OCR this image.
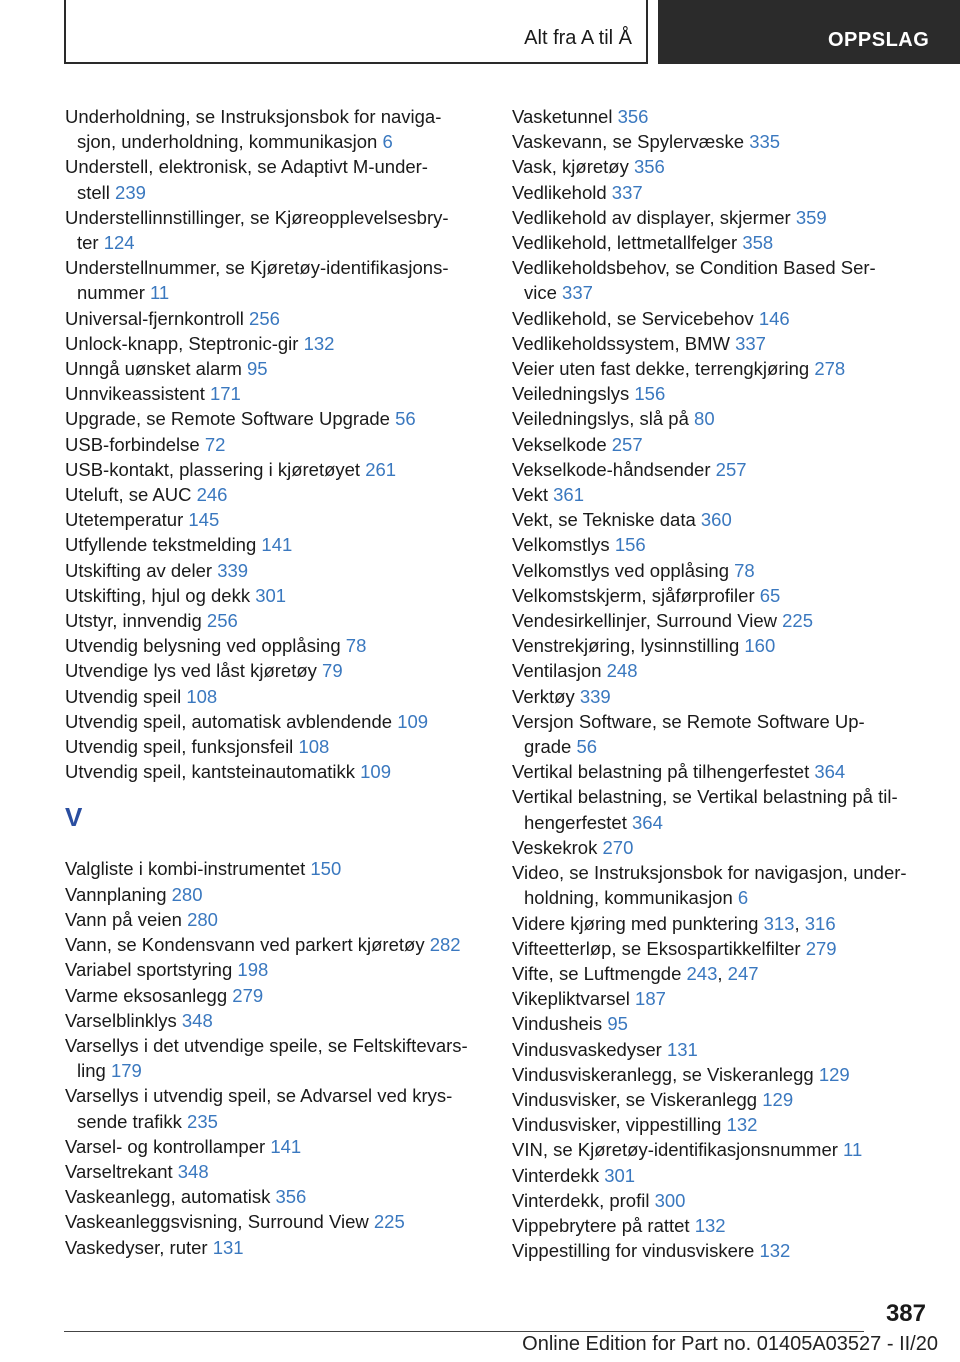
Alt fra A til Å	OPPSLAG
Underholdning, se Instruksjonsbok for naviga-
sjon, underholdning, kommunikasjon 6
Understell, elektronisk, se Adaptivt M-under-
stell 239
Understellinnstillinger, se Kjøreopplevelsesbry-
ter 124
Understellnummer, se Kjøretøy-identifikasjons-
nummer 11
Universal-fjernkontroll 256
Unlock-knapp, Steptronic-gir 132
Unngå uønsket alarm 95
Unnvikeassistent 171
Upgrade, se Remote Software Upgrade 56
USB-forbindelse 72
USB-kontakt, plassering i kjøretøyet 261
Uteluft, se AUC 246
Utetemperatur 145
Utfyllende tekstmelding 141
Utskifting av deler 339
Utskifting, hjul og dekk 301
Utstyr, innvendig 256
Utvendig belysning ved opplåsing 78
Utvendige lys ved låst kjøretøy 79
Utvendig speil 108
Utvendig speil, automatisk avblendende 109
Utvendig speil, funksjonsfeil 108
Utvendig speil, kantsteinautomatikk 109
V
Valgliste i kombi-instrumentet 150
Vannplaning 280
Vann på veien 280
Vann, se Kondensvann ved parkert kjøretøy 282
Variabel sportstyring 198
Varme eksosanlegg 279
Varselblinklys 348
Varsellys i det utvendige speile, se Feltskiftevars-
ling 179
Varsellys i utvendig speil, se Advarsel ved krys-
sende trafikk 235
Varsel- og kontrollamper 141
Varseltrekant 348
Vaskeanlegg, automatisk 356
Vaskeanleggsvisning, Surround View 225
Vaskedyser, ruter 131
Vasketunnel 356
Vaskevann, se Spylervæske 335
Vask, kjøretøy 356
Vedlikehold 337
Vedlikehold av displayer, skjermer 359
Vedlikehold, lettmetallfelger 358
Vedlikeholdsbehov, se Condition Based Ser-
vice 337
Vedlikehold, se Servicebehov 146
Vedlikeholdssystem, BMW 337
Veier uten fast dekke, terrengkjøring 278
Veiledningslys 156
Veiledningslys, slå på 80
Vekselkode 257
Vekselkode-håndsender 257
Vekt 361
Vekt, se Tekniske data 360
Velkomstlys 156
Velkomstlys ved opplåsing 78
Velkomstskjerm, sjåførprofiler 65
Vendesirkellinjer, Surround View 225
Venstrekjøring, lysinnstilling 160
Ventilasjon 248
Verktøy 339
Versjon Software, se Remote Software Up-
grade 56
Vertikal belastning på tilhengerfestet 364
Vertikal belastning, se Vertikal belastning på til-
hengerfestet 364
Veskekrok 270
Video, se Instruksjonsbok for navigasjon, under-
holdning, kommunikasjon 6
Videre kjøring med punktering 313, 316
Vifteetterløp, se Eksospartikkelfilter 279
Vifte, se Luftmengde 243, 247
Vikepliktvarsel 187
Vindusheis 95
Vindusvaskedyser 131
Vindusviskeranlegg, se Viskeranlegg 129
Vindusvisker, se Viskeranlegg 129
Vindusvisker, vippestilling 132
VIN, se Kjøretøy-identifikasjonsnummer 11
Vinterdekk 301
Vinterdekk, profil 300
Vippebrytere på rattet 132
Vippestilling for vindusviskere 132
387
Online Edition for Part no. 01405A03527 - II/20
